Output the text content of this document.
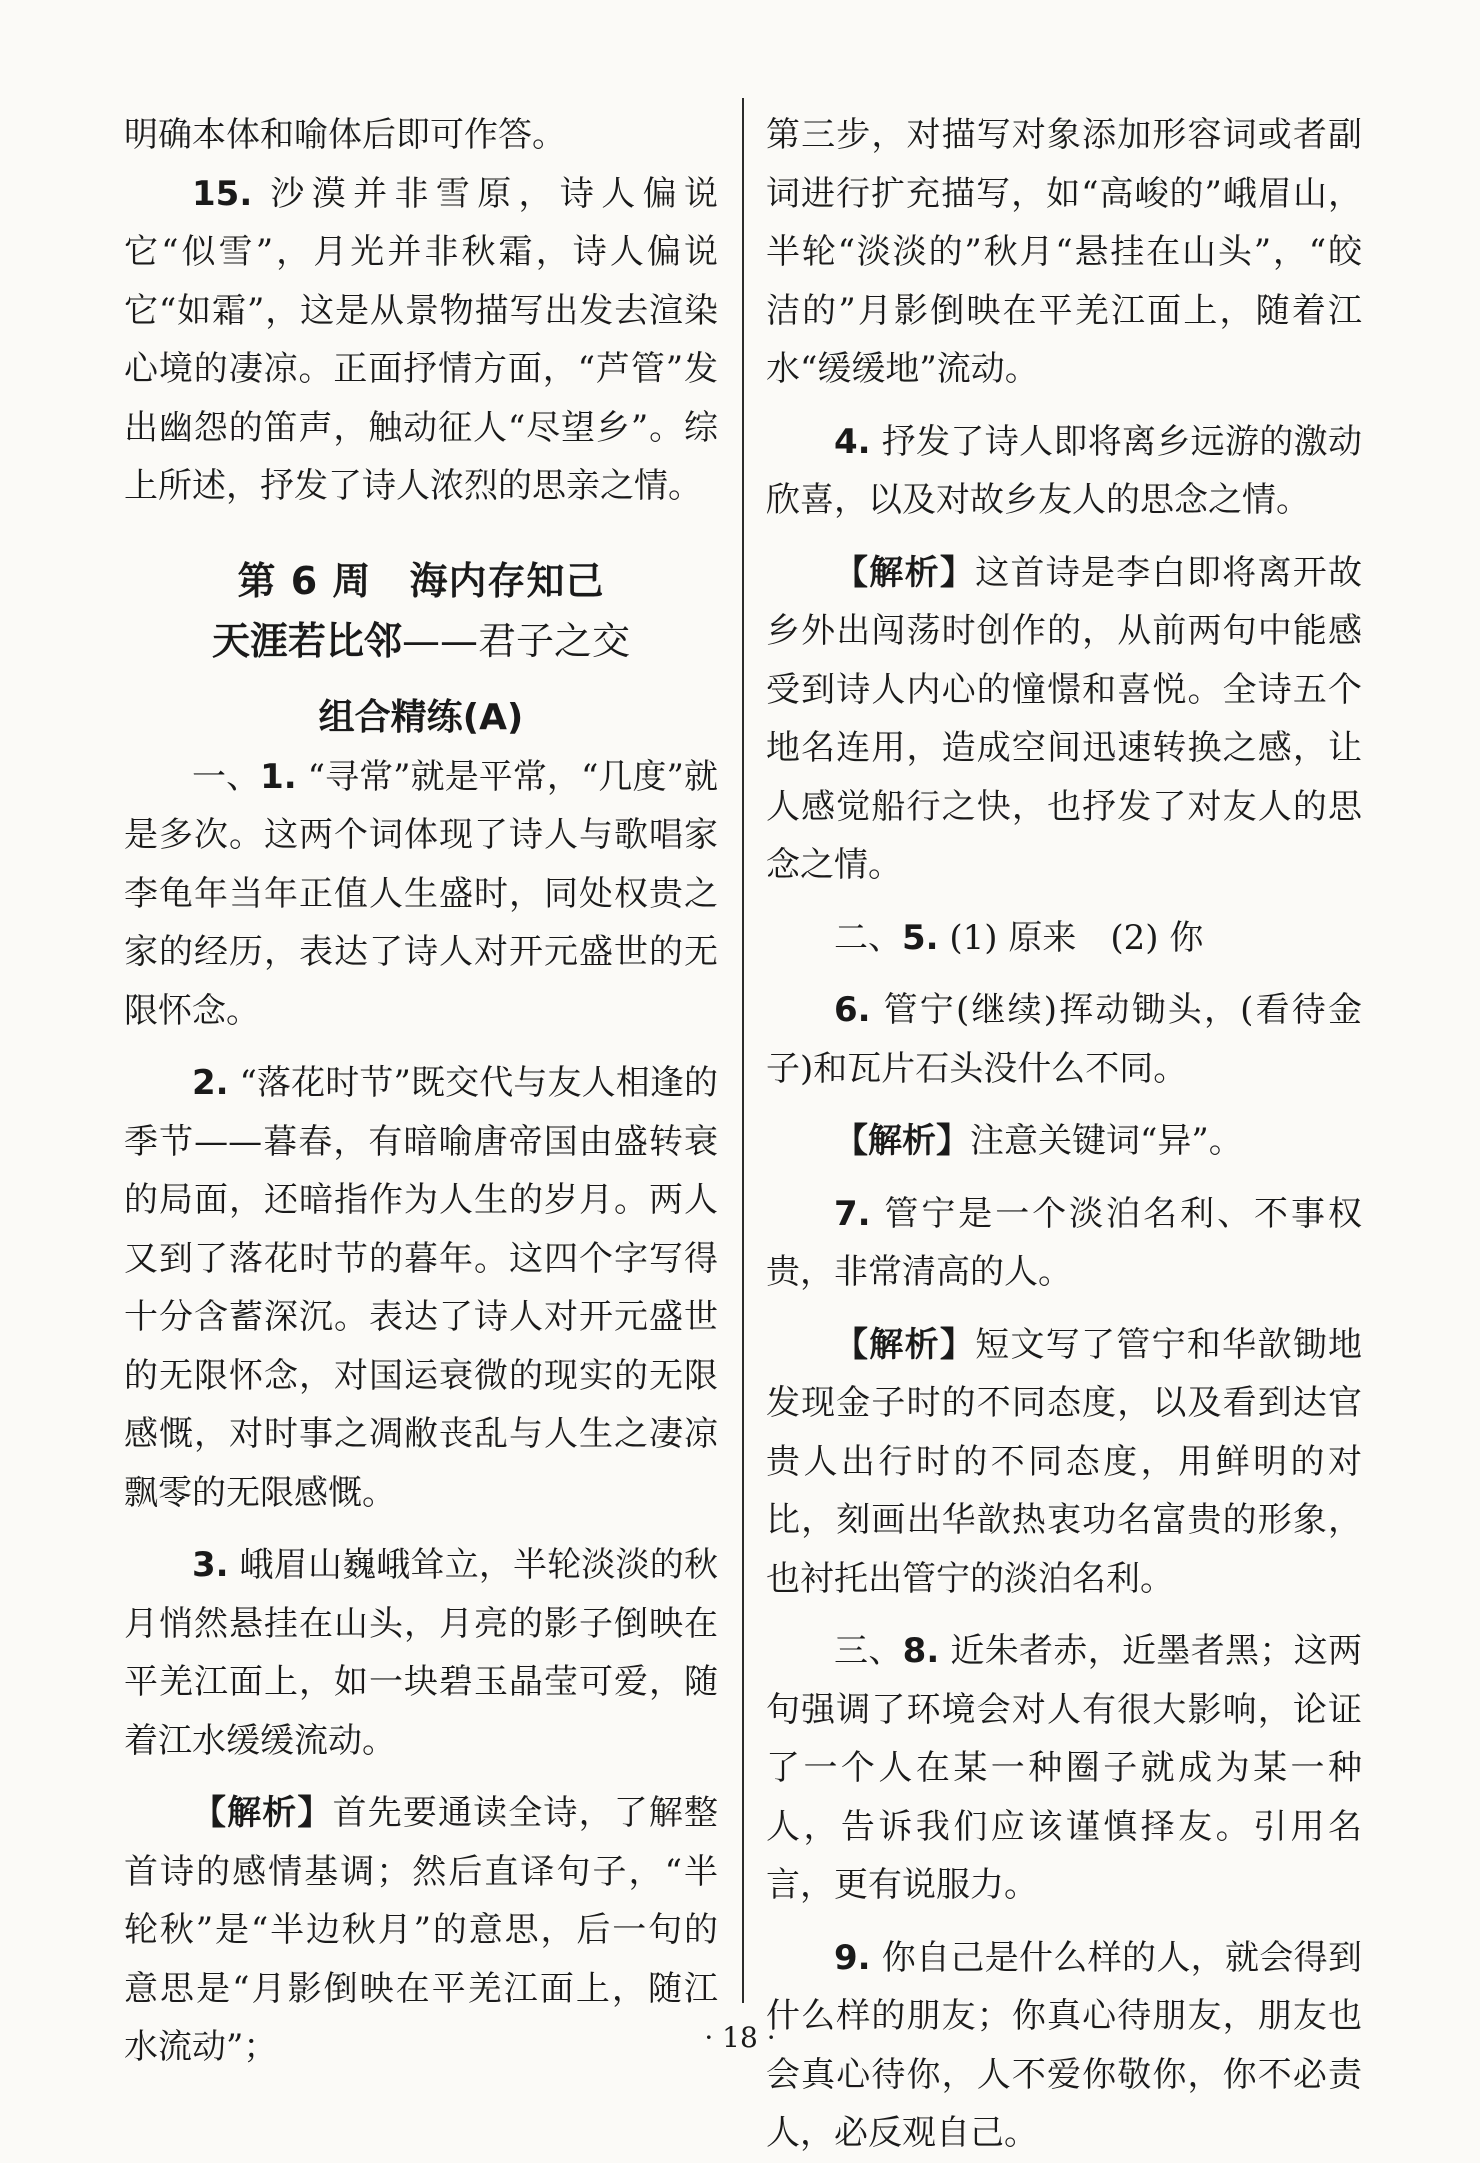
明确本体和喻体后即可作答。

15. 沙漠并非雪原，诗人偏说它“似雪”，月光并非秋霜，诗人偏说它“如霜”，这是从景物描写出发去渲染心境的凄凉。正面抒情方面，“芦管”发出幽怨的笛声，触动征人“尽望乡”。综上所述，抒发了诗人浓烈的思亲之情。

第 6 周 海内存知己
天涯若比邻——君子之交
组合精练(A)

一、1. “寻常”就是平常，“几度”就是多次。这两个词体现了诗人与歌唱家李龟年当年正值人生盛时，同处权贵之家的经历，表达了诗人对开元盛世的无限怀念。

2. “落花时节”既交代与友人相逢的季节——暮春，有暗喻唐帝国由盛转衰的局面，还暗指作为人生的岁月。两人又到了落花时节的暮年。这四个字写得十分含蓄深沉。表达了诗人对开元盛世的无限怀念，对国运衰微的现实的无限感慨，对时事之凋敝丧乱与人生之凄凉飘零的无限感慨。

3. 峨眉山巍峨耸立，半轮淡淡的秋月悄然悬挂在山头，月亮的影子倒映在平羌江面上，如一块碧玉晶莹可爱，随着江水缓缓流动。

【解析】首先要通读全诗，了解整首诗的感情基调；然后直译句子，“半轮秋”是“半边秋月”的意思，后一句的意思是“月影倒映在平羌江面上，随江水流动”；

第三步，对描写对象添加形容词或者副词进行扩充描写，如“高峻的”峨眉山，半轮“淡淡的”秋月“悬挂在山头”，“皎洁的”月影倒映在平羌江面上，随着江水“缓缓地”流动。

4. 抒发了诗人即将离乡远游的激动欣喜，以及对故乡友人的思念之情。

【解析】这首诗是李白即将离开故乡外出闯荡时创作的，从前两句中能感受到诗人内心的憧憬和喜悦。全诗五个地名连用，造成空间迅速转换之感，让人感觉船行之快，也抒发了对友人的思念之情。

二、5. (1) 原来　(2) 你

6. 管宁(继续)挥动锄头，(看待金子)和瓦片石头没什么不同。

【解析】注意关键词“异”。

7. 管宁是一个淡泊名利、不事权贵，非常清高的人。

【解析】短文写了管宁和华歆锄地发现金子时的不同态度，以及看到达官贵人出行时的不同态度，用鲜明的对比，刻画出华歆热衷功名富贵的形象，也衬托出管宁的淡泊名利。

三、8. 近朱者赤，近墨者黑；这两句强调了环境会对人有很大影响，论证了一个人在某一种圈子就成为某一种人，告诉我们应该谨慎择友。引用名言，更有说服力。

9. 你自己是什么样的人，就会得到什么样的朋友；你真心待朋友，朋友也会真心待你，人不爱你敬你，你不必责人，必反观自己。

· 18 ·
